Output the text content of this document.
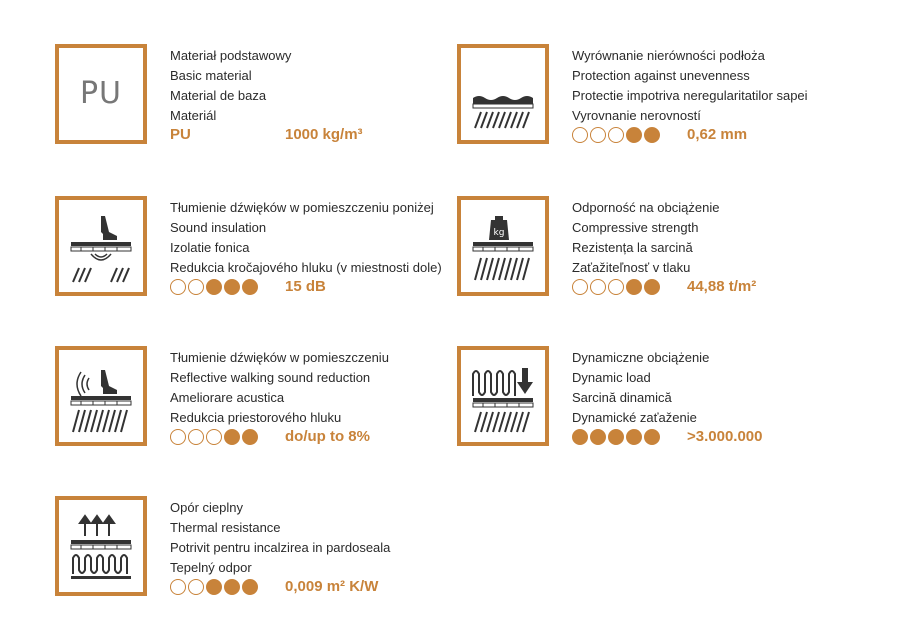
PU
Materiał podstawowy
Basic material
Material de baza
Materiál
PU	1000 kg/m³
Wyrównanie nierówności podłoża
Protection against unevenness
Protectie impotriva neregularitatilor sapei
Vyrovnanie nerovností
0,62 mm
Tłumienie dźwięków w pomieszczeniu poniżej
Sound insulation
Izolatie fonica
Redukcia kročajového hluku (v miestnosti dole)
15 dB
kg
Odporność na obciążenie
Compressive strength
Rezistența la sarcină
Zaťažiteľnosť v tlaku
44,88 t/m²
Tłumienie dźwięków w pomieszczeniu
Reflective walking sound reduction
Ameliorare acustica
Redukcia priestorového hluku
do/up to 8%
Dynamiczne obciążenie
Dynamic load
Sarcină dinamică
Dynamické zaťaženie
>3.000.000
Opór cieplny
Thermal resistance
Potrivit pentru incalzirea in pardoseala
Tepelný odpor
0,009 m² K/W
